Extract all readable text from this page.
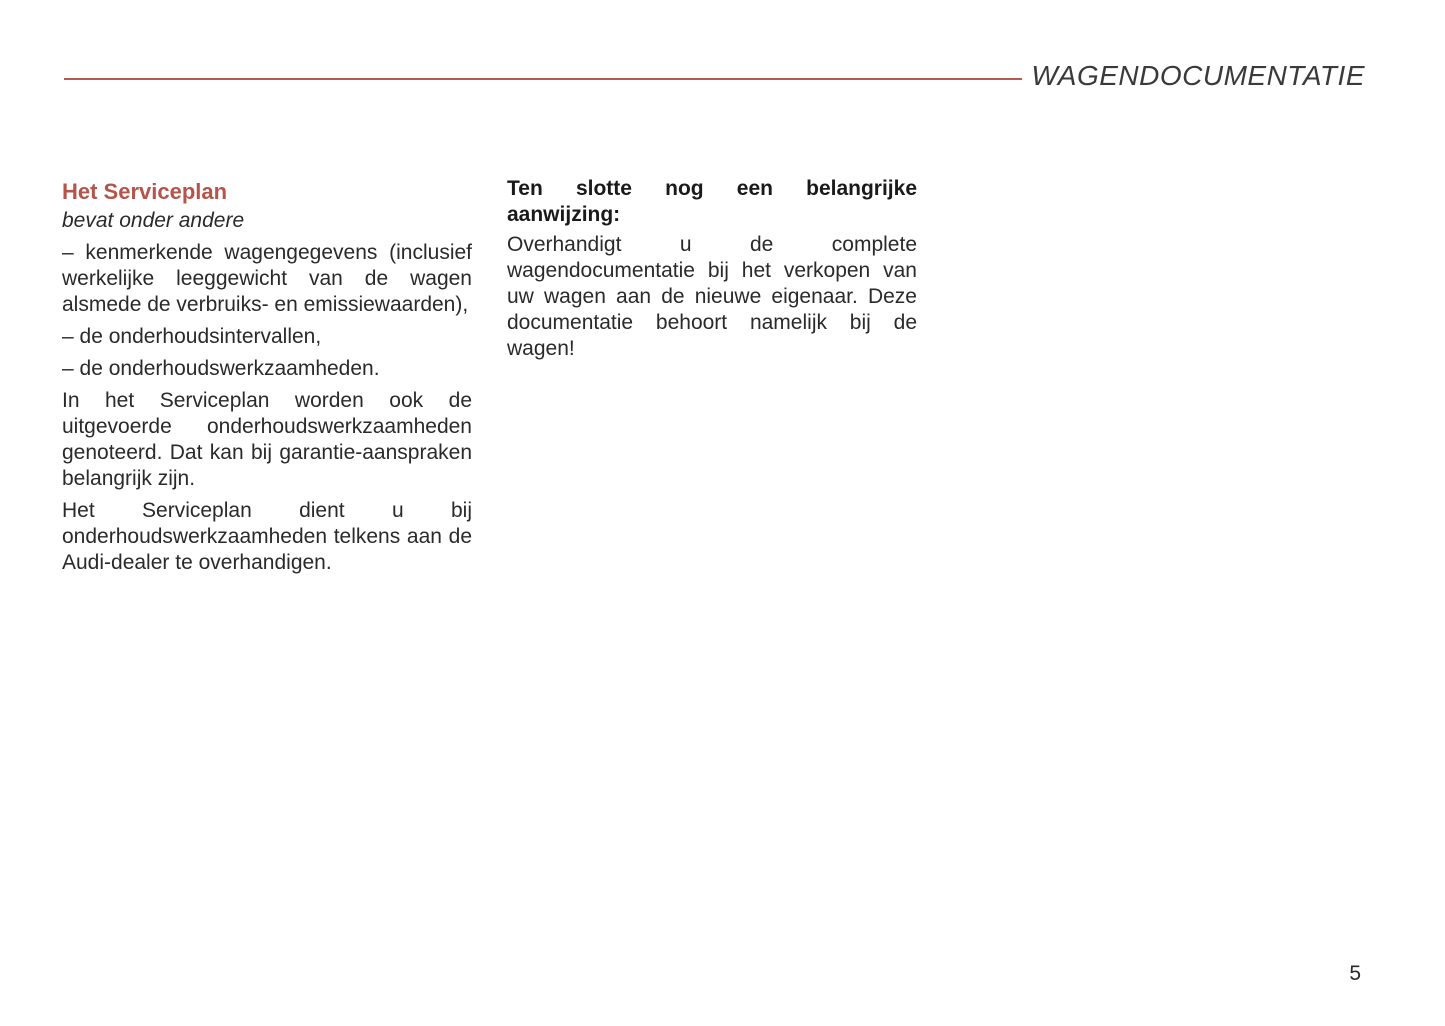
WAGENDOCUMENTATIE
Het Serviceplan

bevat onder andere

– kenmerkende wagengegevens (inclusief werkelijke leeggewicht van de wagen alsmede de verbruiks- en emissiewaarden),
– de onderhoudsintervallen,
– de onderhoudswerkzaamheden.

In het Serviceplan worden ook de uitgevoerde onderhoudswerkzaamheden genoteerd. Dat kan bij garantie-aanspraken belangrijk zijn.

Het Serviceplan dient u bij onderhoudswerkzaamheden telkens aan de Audi-dealer te overhandigen.

Ten slotte nog een belangrijke aanwijzing:

Overhandigt u de complete wagendocumentatie bij het verkopen van uw wagen aan de nieuwe eigenaar. Deze documentatie behoort namelijk bij de wagen!

5
